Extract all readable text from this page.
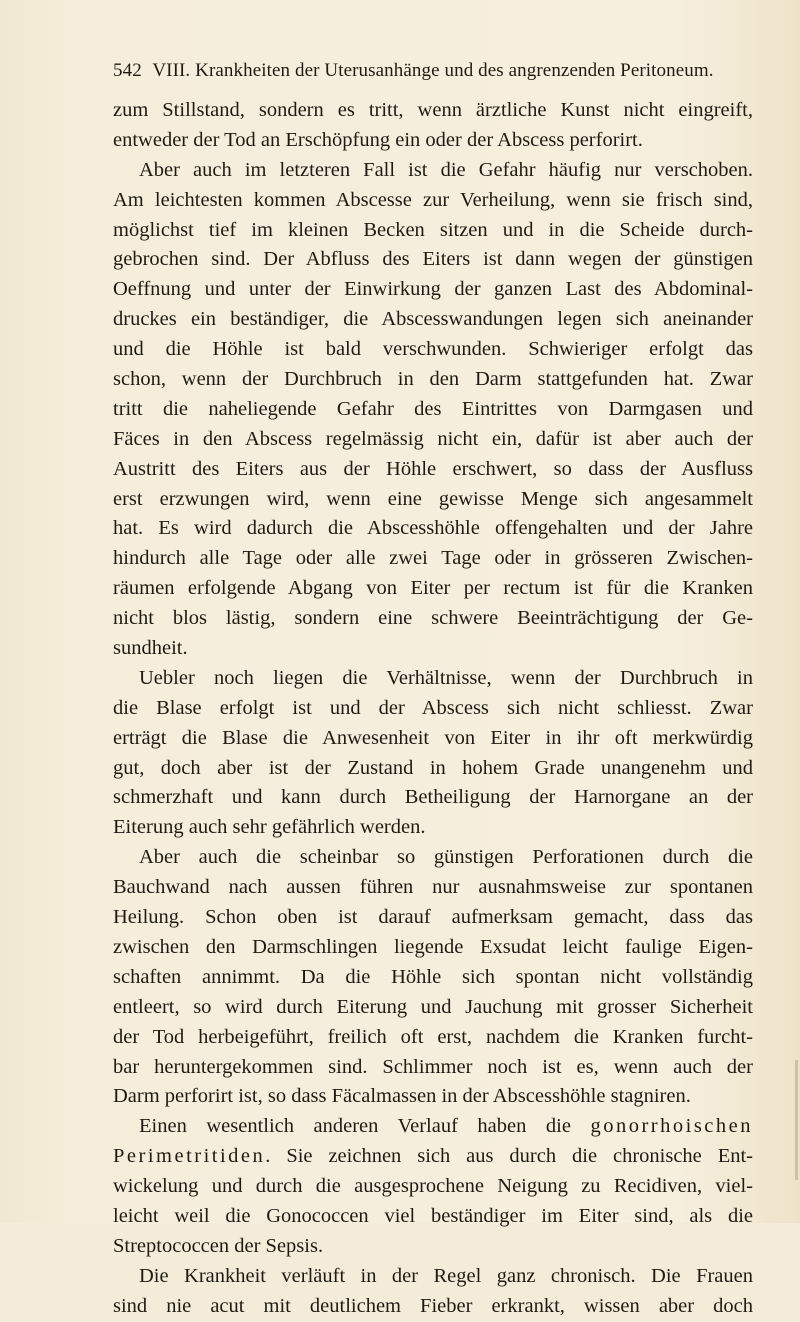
542 VIII. Krankheiten der Uterusanhänge und des angrenzenden Peritoneum.
zum Stillstand, sondern es tritt, wenn ärztliche Kunst nicht eingreift,
entweder der Tod an Erschöpfung ein oder der Abscess perforirt.
Aber auch im letzteren Fall ist die Gefahr häufig nur verschoben.
Am leichtesten kommen Abscesse zur Verheilung, wenn sie frisch sind,
möglichst tief im kleinen Becken sitzen und in die Scheide durch-
gebrochen sind. Der Abfluss des Eiters ist dann wegen der günstigen
Oeffnung und unter der Einwirkung der ganzen Last des Abdominal-
druckes ein beständiger, die Abscesswandungen legen sich aneinander
und die Höhle ist bald verschwunden. Schwieriger erfolgt das
schon, wenn der Durchbruch in den Darm stattgefunden hat. Zwar
tritt die naheliegende Gefahr des Eintrittes von Darmgasen und
Fäces in den Abscess regelmässig nicht ein, dafür ist aber auch der
Austritt des Eiters aus der Höhle erschwert, so dass der Ausfluss
erst erzwungen wird, wenn eine gewisse Menge sich angesammelt
hat. Es wird dadurch die Abscesshöhle offengehalten und der Jahre
hindurch alle Tage oder alle zwei Tage oder in grösseren Zwischen-
räumen erfolgende Abgang von Eiter per rectum ist für die Kranken
nicht blos lästig, sondern eine schwere Beeinträchtigung der Ge-
sundheit.
Uebler noch liegen die Verhältnisse, wenn der Durchbruch in
die Blase erfolgt ist und der Abscess sich nicht schliesst. Zwar
erträgt die Blase die Anwesenheit von Eiter in ihr oft merkwürdig
gut, doch aber ist der Zustand in hohem Grade unangenehm und
schmerzhaft und kann durch Betheiligung der Harnorgane an der
Eiterung auch sehr gefährlich werden.
Aber auch die scheinbar so günstigen Perforationen durch die
Bauchwand nach aussen führen nur ausnahmsweise zur spontanen
Heilung. Schon oben ist darauf aufmerksam gemacht, dass das
zwischen den Darmschlingen liegende Exsudat leicht faulige Eigen-
schaften annimmt. Da die Höhle sich spontan nicht vollständig
entleert, so wird durch Eiterung und Jauchung mit grosser Sicherheit
der Tod herbeigeführt, freilich oft erst, nachdem die Kranken furcht-
bar heruntergekommen sind. Schlimmer noch ist es, wenn auch der
Darm perforirt ist, so dass Fäcalmassen in der Abscesshöhle stagniren.
Einen wesentlich anderen Verlauf haben die gonorrhoischen
Perimetritiden. Sie zeichnen sich aus durch die chronische Ent-
wickelung und durch die ausgesprochene Neigung zu Recidiven, viel-
leicht weil die Gonococcen viel beständiger im Eiter sind, als die
Streptococcen der Sepsis.
Die Krankheit verläuft in der Regel ganz chronisch. Die Frauen
sind nie acut mit deutlichem Fieber erkrankt, wissen aber doch
